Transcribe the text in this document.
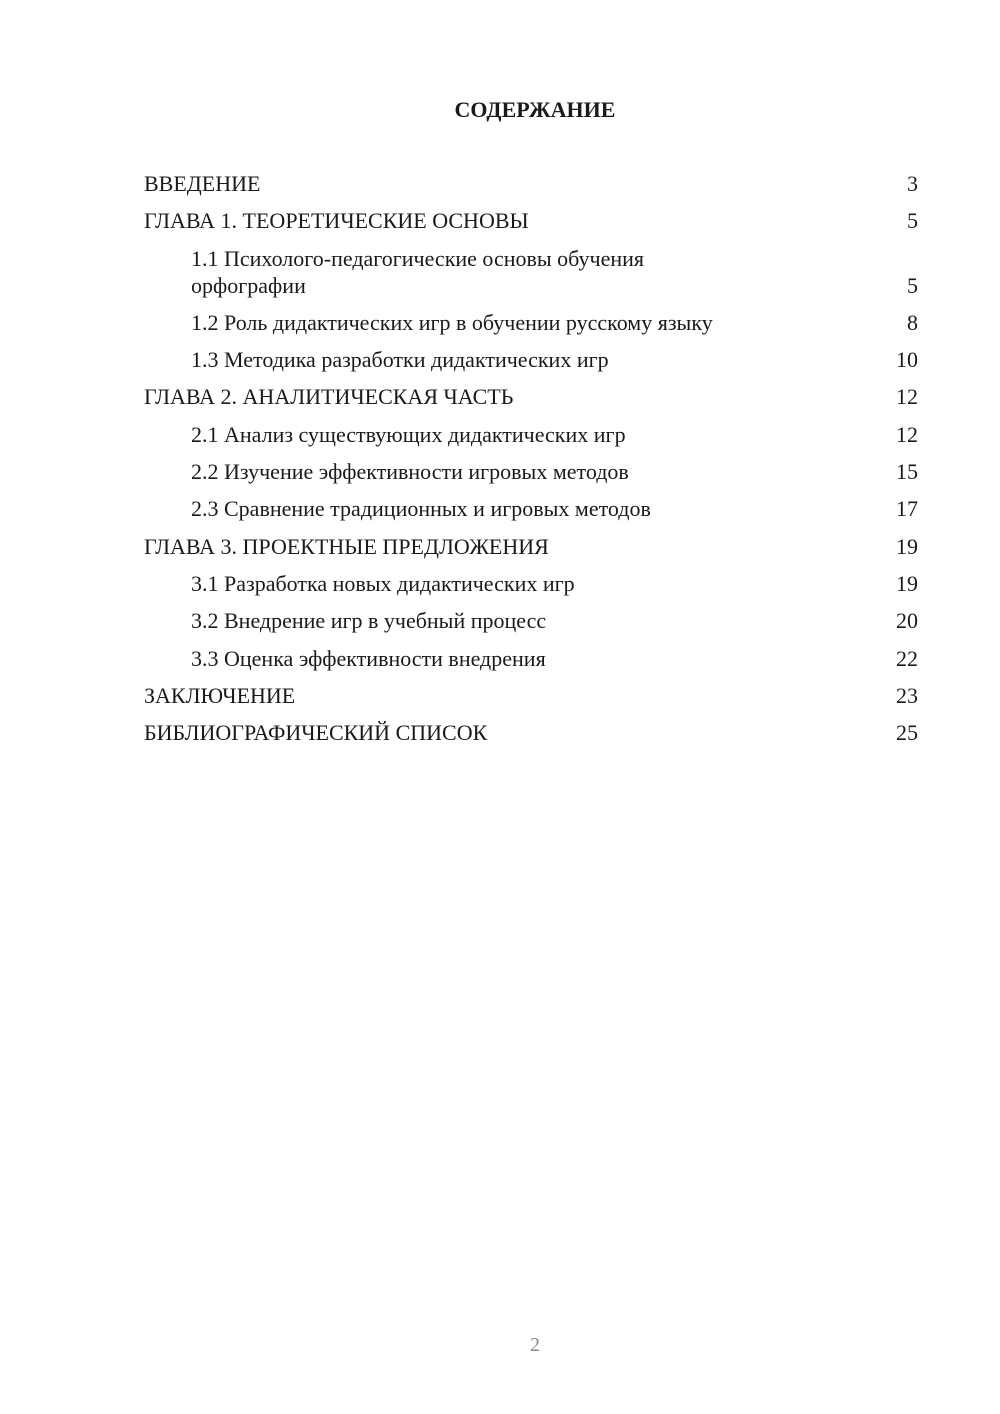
СОДЕРЖАНИЕ
ВВЕДЕНИЕ	3
ГЛАВА 1. ТЕОРЕТИЧЕСКИЕ ОСНОВЫ	5
1.1 Психолого-педагогические основы обучения
орфографии	5
1.2 Роль дидактических игр в обучении русскому языку	8
1.3 Методика разработки дидактических игр	10
ГЛАВА 2. АНАЛИТИЧЕСКАЯ ЧАСТЬ	12
2.1 Анализ существующих дидактических игр	12
2.2 Изучение эффективности игровых методов	15
2.3 Сравнение традиционных и игровых методов	17
ГЛАВА 3. ПРОЕКТНЫЕ ПРЕДЛОЖЕНИЯ	19
3.1 Разработка новых дидактических игр	19
3.2 Внедрение игр в учебный процесс	20
3.3 Оценка эффективности внедрения	22
ЗАКЛЮЧЕНИЕ	23
БИБЛИОГРАФИЧЕСКИЙ СПИСОК	25
2
